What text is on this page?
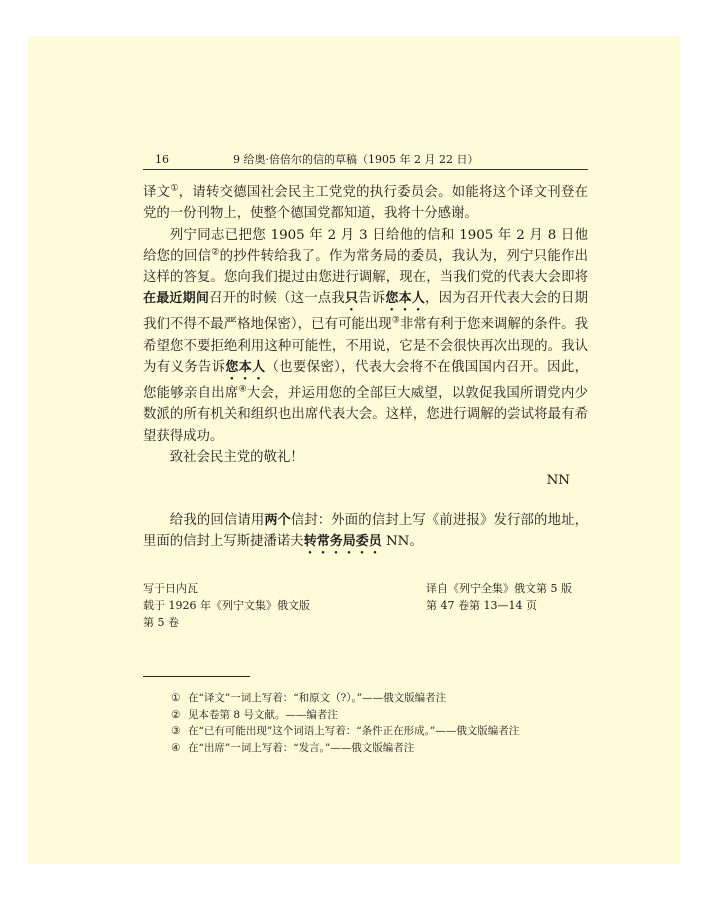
16	9 给奥·倍倍尔的信的草稿（1905 年 2 月 22 日）

译文①，请转交德国社会民主工党党的执行委员会。如能将这个译文刊登在党的一份刊物上，使整个德国党都知道，我将十分感谢。

列宁同志已把您 1905 年 2 月 3 日给他的信和 1905 年 2 月 8 日他给您的回信②的抄件转给我了。作为常务局的委员，我认为，列宁只能作出这样的答复。您向我们提过由您进行调解，现在，当我们党的代表大会即将在最近期间召开的时候（这一点我只告诉您本人，因为召开代表大会的日期我们不得不最严格地保密），已有可能出现③非常有利于您来调解的条件。我希望您不要拒绝利用这种可能性，不用说，它是不会很快再次出现的。我认为有义务告诉您本人（也要保密），代表大会将不在俄国国内召开。因此，您能够亲自出席④大会，并运用您的全部巨大威望，以敦促我国所谓党内少数派的所有机关和组织也出席代表大会。这样，您进行调解的尝试将最有希望获得成功。

致社会民主党的敬礼！

NN

给我的回信请用两个信封：外面的信封上写《前进报》发行部的地址，里面的信封上写斯捷潘诺夫转常务局委员 NN。

写于日内瓦
载于 1926 年《列宁文集》俄文版
第 5 卷
译自《列宁全集》俄文第 5 版
第 47 卷第 13—14 页
① 在“译文”一词上写着：“和原文（?）。”——俄文版编者注
② 见本卷第 8 号文献。——编者注
③ 在“已有可能出现”这个词语上写着：“条件正在形成。”——俄文版编者注
④ 在“出席”一词上写着：“发言。”——俄文版编者注
